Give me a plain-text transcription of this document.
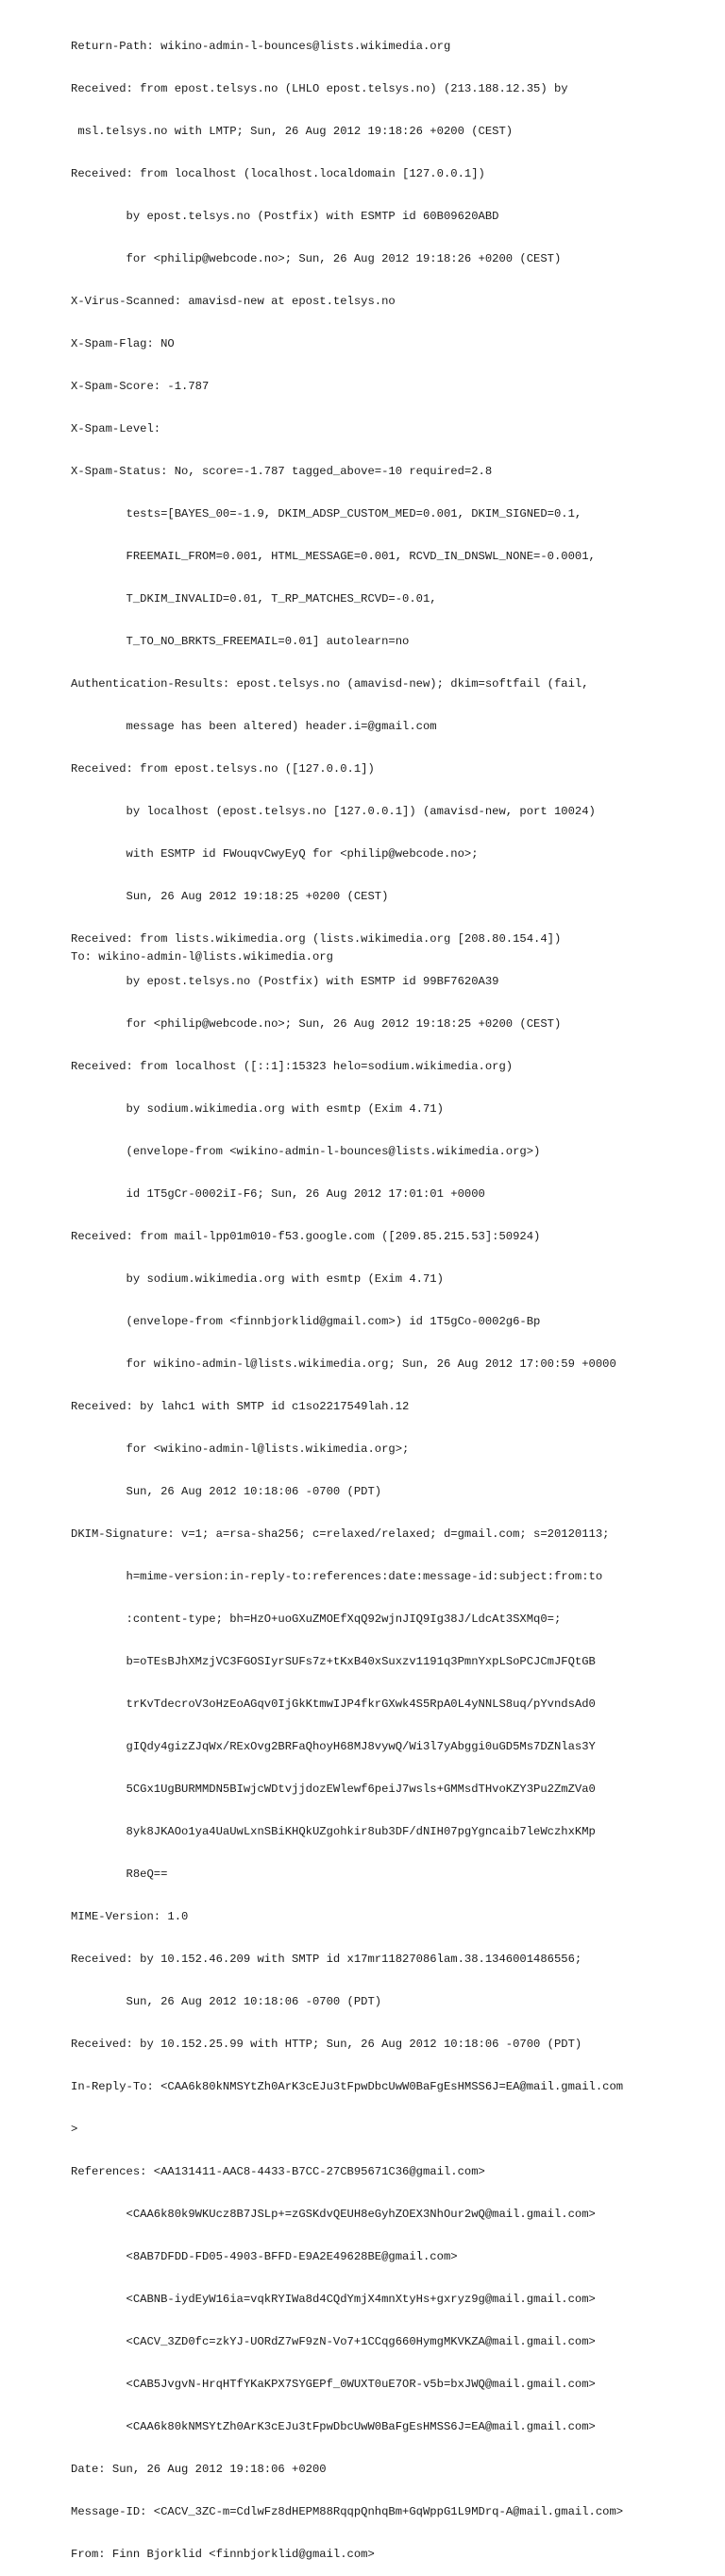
Return-Path: wikino-admin-l-bounces@lists.wikimedia.org

Received: from epost.telsys.no (LHLO epost.telsys.no) (213.188.12.35) by

msl.telsys.no with LMTP; Sun, 26 Aug 2012 19:18:26 +0200 (CEST)

Received: from localhost (localhost.localdomain [127.0.0.1])

by epost.telsys.no (Postfix) with ESMTP id 60B09620ABD

for <philip@webcode.no>; Sun, 26 Aug 2012 19:18:26 +0200 (CEST)

X-Virus-Scanned: amavisd-new at epost.telsys.no

X-Spam-Flag: NO

X-Spam-Score: -1.787

X-Spam-Level:

X-Spam-Status: No, score=-1.787 tagged_above=-10 required=2.8

tests=[BAYES_00=-1.9, DKIM_ADSP_CUSTOM_MED=0.001, DKIM_SIGNED=0.1,

FREEMAIL_FROM=0.001, HTML_MESSAGE=0.001, RCVD_IN_DNSWL_NONE=-0.0001,

T_DKIM_INVALID=0.01, T_RP_MATCHES_RCVD=-0.01,

T_TO_NO_BRKTS_FREEMAIL=0.01] autolearn=no

Authentication-Results: epost.telsys.no (amavisd-new); dkim=softfail (fail,

message has been altered) header.i=@gmail.com

Received: from epost.telsys.no ([127.0.0.1])

by localhost (epost.telsys.no [127.0.0.1]) (amavisd-new, port 10024)

with ESMTP id FWouqvCwyEyQ for <philip@webcode.no>;

Sun, 26 Aug 2012 19:18:25 +0200 (CEST)

Received: from lists.wikimedia.org (lists.wikimedia.org [208.80.154.4])

by epost.telsys.no (Postfix) with ESMTP id 99BF7620A39

for <philip@webcode.no>; Sun, 26 Aug 2012 19:18:25 +0200 (CEST)

Received: from localhost ([::1]:15323 helo=sodium.wikimedia.org)

by sodium.wikimedia.org with esmtp (Exim 4.71)

(envelope-from <wikino-admin-l-bounces@lists.wikimedia.org>)

id 1T5gCr-0002iI-F6; Sun, 26 Aug 2012 17:01:01 +0000

Received: from mail-lpp01m010-f53.google.com ([209.85.215.53]:50924)

by sodium.wikimedia.org with esmtp (Exim 4.71)

(envelope-from <finnbjorklid@gmail.com>) id 1T5gCo-0002g6-Bp

for wikino-admin-l@lists.wikimedia.org; Sun, 26 Aug 2012 17:00:59 +0000

Received: by lahc1 with SMTP id c1so2217549lah.12

for <wikino-admin-l@lists.wikimedia.org>;

Sun, 26 Aug 2012 10:18:06 -0700 (PDT)

DKIM-Signature: v=1; a=rsa-sha256; c=relaxed/relaxed; d=gmail.com; s=20120113;

h=mime-version:in-reply-to:references:date:message-id:subject:from:to

:content-type; bh=HzO+uoGXuZMOEfXqQ92wjnJIQ9Ig38J/LdcAt3SXMq0=;

b=oTEsBJhXMzjVC3FGOSIyrSUFs7z+tKxB40xSuxzv1191q3PmnYxpLSoPCJCmJFQtGB

trKvTdecroV3oHzEoAGqv0IjGkKtmwIJP4fkrGXwk4S5RpA0L4yNNLS8uq/pYvndsAd0

gIQdy4gizZJqWx/RExOvg2BRFaQhoyH68MJ8vywQ/Wi3l7yAbggi0uGD5Ms7DZNlas3Y

5CGx1UgBURMMDN5BIwjcWDtvjjdozEWlewf6peiJ7wsls+GMMsdTHvoKZY3Pu2ZmZVa0

8yk8JKAOo1ya4UaUwLxnSBiKHQkUZgohkir8ub3DF/dNIH07pgYgncaib7leWczhxKMp

R8eQ==

MIME-Version: 1.0

Received: by 10.152.46.209 with SMTP id x17mr11827086lam.38.1346001486556;

Sun, 26 Aug 2012 10:18:06 -0700 (PDT)

Received: by 10.152.25.99 with HTTP; Sun, 26 Aug 2012 10:18:06 -0700 (PDT)

In-Reply-To: <CAA6k80kNMSYtZh0ArK3cEJu3tFpwDbcUwW0BaFgEsHMSS6J=EA@mail.gmail.com

>

References: <AA131411-AAC8-4433-B7CC-27CB95671C36@gmail.com>

<CAA6k80k9WKUcz8B7JSLp+=zGSKdvQEUH8eGyhZOEX3NhOur2wQ@mail.gmail.com>

<8AB7DFDD-FD05-4903-BFFD-E9A2E49628BE@gmail.com>

<CABNB-iydEyW16ia=vqkRYIWa8d4CQdYmjX4mnXtyHs+gxryz9g@mail.gmail.com>

<CACV_3ZD0fc=zkYJ-UORdZ7wF9zN-Vo7+1CCqg660HymgMKVKZA@mail.gmail.com>

<CAB5JvgvN-HrqHTfYKaKPX7SYGEPf_0WUXT0uE7OR-v5b=bxJWQ@mail.gmail.com>

<CAA6k80kNMSYtZh0ArK3cEJu3tFpwDbcUwW0BaFgEsHMSS6J=EA@mail.gmail.com>

Date: Sun, 26 Aug 2012 19:18:06 +0200

Message-ID: <CACV_3ZC-m=CdlwFz8dHEPM88RqqpQnhqBm+GqWppG1L9MDrq-A@mail.gmail.com>

From: Finn Bjorklid <finnbjorklid@gmail.com>

To: wikino-admin-l@lists.wikimedia.org
